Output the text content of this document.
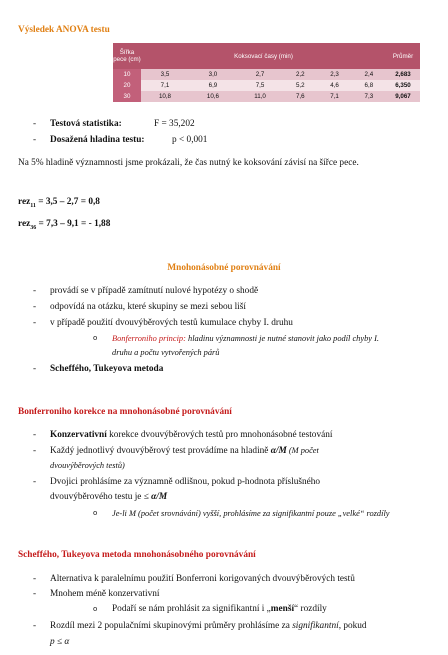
Výsledek ANOVA testu
Šířka pece (cm)	Koksovací časy (min)						Průměr
10	3,5	3,0	2,7	2,2	2,3	2,4	2,683
20	7,1	6,9	7,5	5,2	4,6	6,8	6,350
30	10,8	10,6	11,0	7,6	7,1	7,3	9,067
- Testová statistika:	F = 35,202
- Dosažená hladina testu:	p < 0,001
Na 5% hladině významnosti jsme prokázali, že čas nutný ke koksování závisí na šířce pece.
rez$_{11}$ = 3,5 – 2,7 = 0,8
rez$_{36}$ = 7,3 – 9,1 = - 1,88
Mnohonásobné porovnávání
- provádí se v případě zamítnutí nulové hypotézy o shodě
- odpovídá na otázku, které skupiny se mezi sebou liší
- v případě použití dvouvýběrových testů kumulace chyby I. druhu
o Bonferroniho princip: hladinu významnosti je nutné stanovit jako podíl chyby I.
druhu a počtu vytvořených párů
- Scheffého, Tukeyova metoda
Bonferroniho korekce na mnohonásobné porovnávání
- Konzervativní korekce dvouvýběrových testů pro mnohonásobné testování
- Každý jednotlivý dvouvýběrový test provádíme na hladině α/M (M počet
dvouvýběrových testů)
- Dvojici prohlásíme za významně odlišnou, pokud p-hodnota příslušného
dvouvýběrového testu je ≤ α/M
o Je-li M (počet srovnávání) vyšší, prohlásíme za signifikantní pouze „velké“ rozdíly
Scheffého, Tukeyova metoda mnohonásobného porovnávání
- Alternativa k paralelnímu použití Bonferroni korigovaných dvouvýběrových testů
- Mnohem méně konzervativní
o Podaří se nám prohlásit za signifikantní i „menší“ rozdíly
- Rozdíl mezi 2 populačními skupinovými průměry prohlásíme za signifikantní, pokud
p ≤ α
